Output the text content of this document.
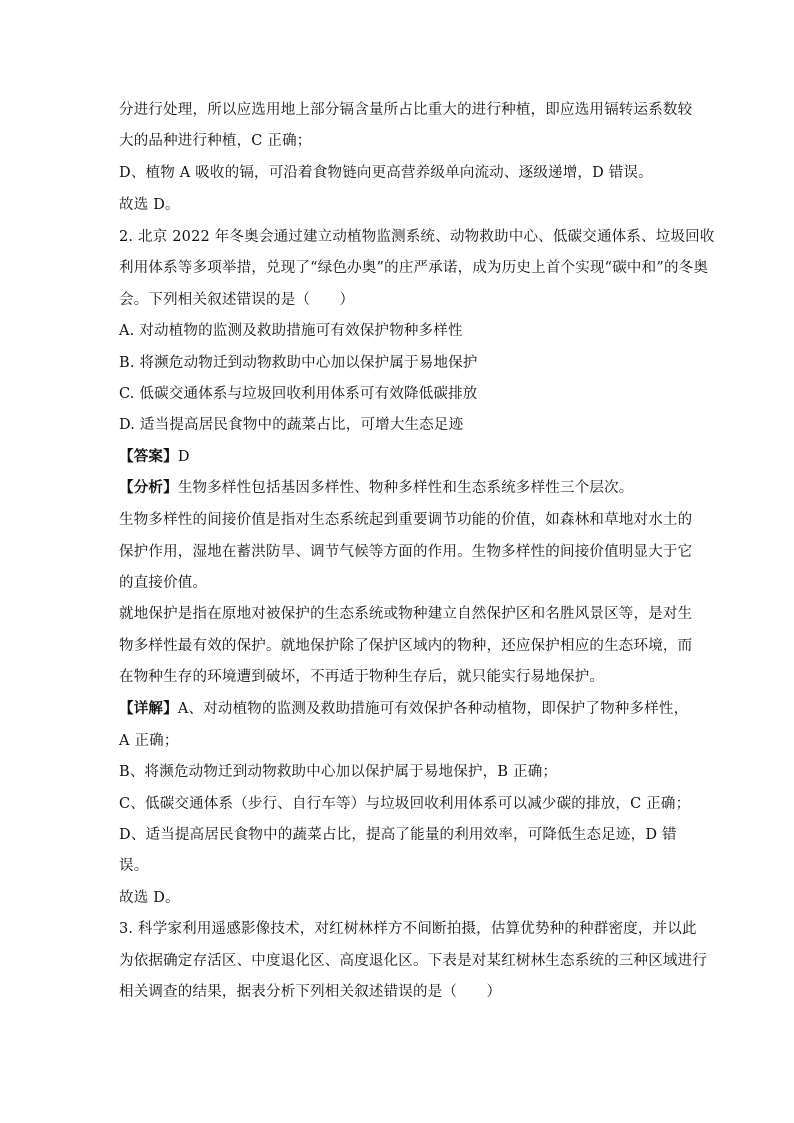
分进行处理，所以应选用地上部分镉含量所占比重大的进行种植，即应选用镉转运系数较
大的品种进行种植，C 正确；
D、植物 A 吸收的镉，可沿着食物链向更高营养级单向流动、逐级递增，D 错误。
故选 D。
2. 北京 2022 年冬奥会通过建立动植物监测系统、动物救助中心、低碳交通体系、垃圾回收
利用体系等多项举措，兑现了“绿色办奥”的庄严承诺，成为历史上首个实现“碳中和”的冬奥
会。下列相关叙述错误的是（　　）
A. 对动植物的监测及救助措施可有效保护物种多样性
B. 将濒危动物迁到动物救助中心加以保护属于易地保护
C. 低碳交通体系与垃圾回收利用体系可有效降低碳排放
D. 适当提高居民食物中的蔬菜占比，可增大生态足迹
【答案】D
【分析】生物多样性包括基因多样性、物种多样性和生态系统多样性三个层次。
生物多样性的间接价值是指对生态系统起到重要调节功能的价值，如森林和草地对水土的
保护作用，湿地在蓄洪防旱、调节气候等方面的作用。生物多样性的间接价值明显大于它
的直接价值。
就地保护是指在原地对被保护的生态系统或物种建立自然保护区和名胜风景区等，是对生
物多样性最有效的保护。就地保护除了保护区域内的物种，还应保护相应的生态环境，而
在物种生存的环境遭到破坏，不再适于物种生存后，就只能实行易地保护。
【详解】A、对动植物的监测及救助措施可有效保护各种动植物，即保护了物种多样性，
A 正确；
B、将濒危动物迁到动物救助中心加以保护属于易地保护，B 正确；
C、低碳交通体系（步行、自行车等）与垃圾回收利用体系可以减少碳的排放，C 正确；
D、适当提高居民食物中的蔬菜占比，提高了能量的利用效率，可降低生态足迹，D 错
误。
故选 D。
3. 科学家利用遥感影像技术，对红树林样方不间断拍摄，估算优势种的种群密度，并以此
为依据确定存活区、中度退化区、高度退化区。下表是对某红树林生态系统的三种区域进行
相关调查的结果，据表分析下列相关叙述错误的是（　　）
